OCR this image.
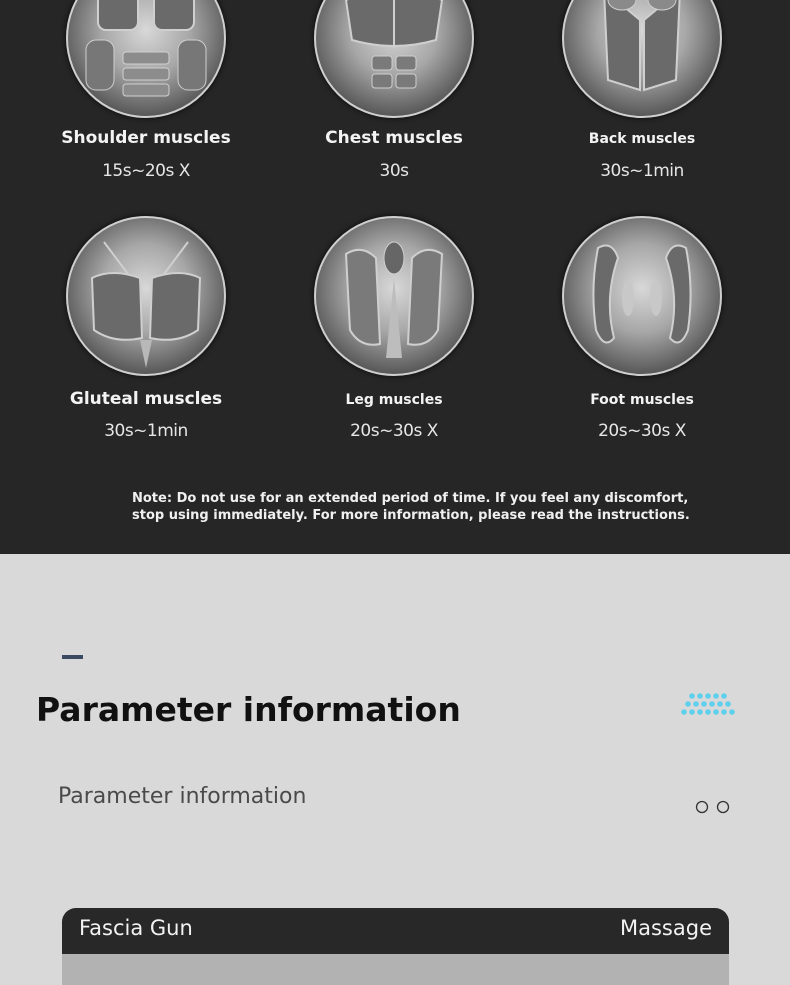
Shoulder muscles
15s~20s X
Chest muscles
30s
Back muscles
30s~1min
Gluteal muscles
30s~1min
Leg muscles
20s~30s X
Foot muscles
20s~30s X
Note: Do not use for an extended period of time. If you feel any discomfort,
stop using immediately. For more information, please read the instructions.
Parameter information
Parameter information
Fascia Gun	Massage
